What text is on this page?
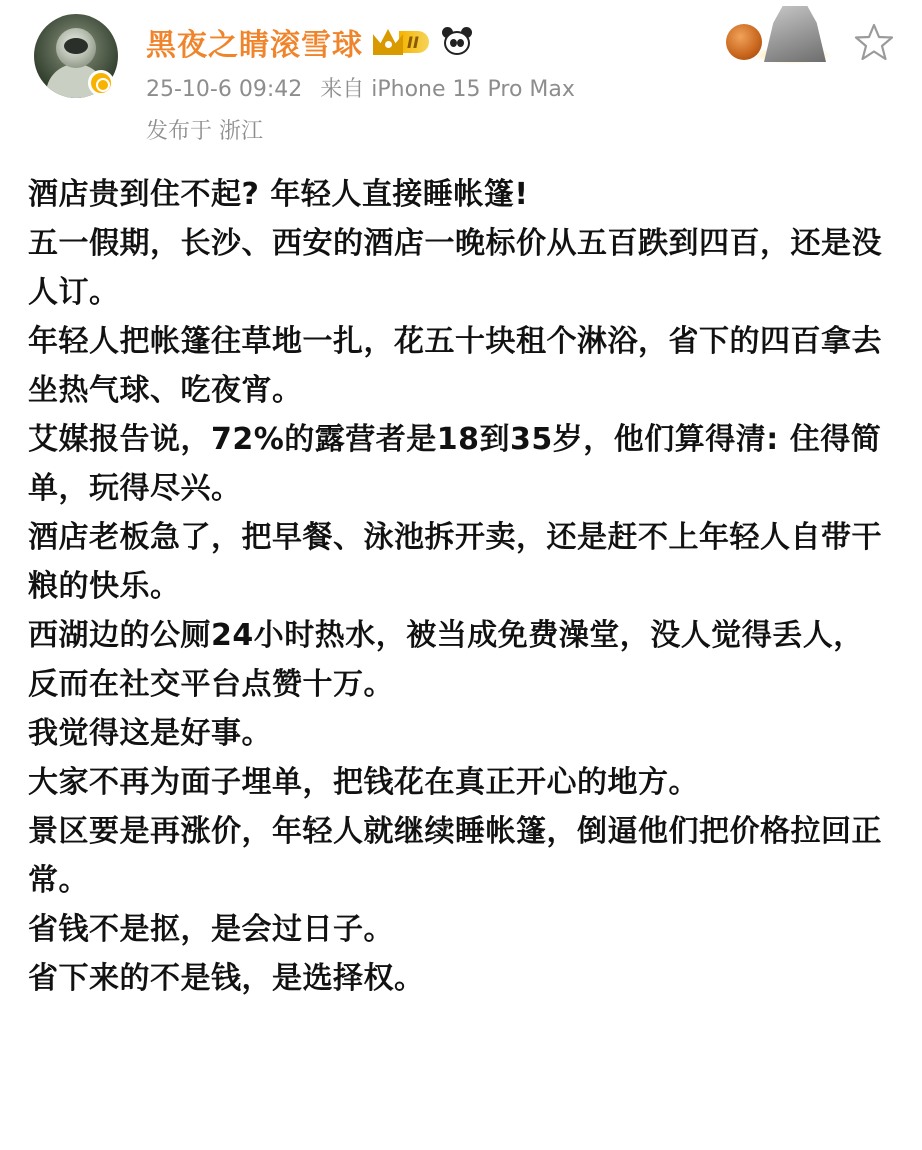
黑夜之睛滚雪球	II
25-10-6 09:42 来自 iPhone 15 Pro Max
发布于 浙江

酒店贵到住不起? 年轻人直接睡帐篷!

五一假期，长沙、西安的酒店一晚标价从五百跌到四百，还是没人订。

年轻人把帐篷往草地一扎，花五十块租个淋浴，省下的四百拿去坐热气球、吃夜宵。

艾媒报告说，72%的露营者是18到35岁，他们算得清: 住得简单，玩得尽兴。

酒店老板急了，把早餐、泳池拆开卖，还是赶不上年轻人自带干粮的快乐。

西湖边的公厕24小时热水，被当成免费澡堂，没人觉得丢人，反而在社交平台点赞十万。

我觉得这是好事。

大家不再为面子埋单，把钱花在真正开心的地方。

景区要是再涨价，年轻人就继续睡帐篷，倒逼他们把价格拉回正常。

省钱不是抠，是会过日子。

省下来的不是钱，是选择权。
